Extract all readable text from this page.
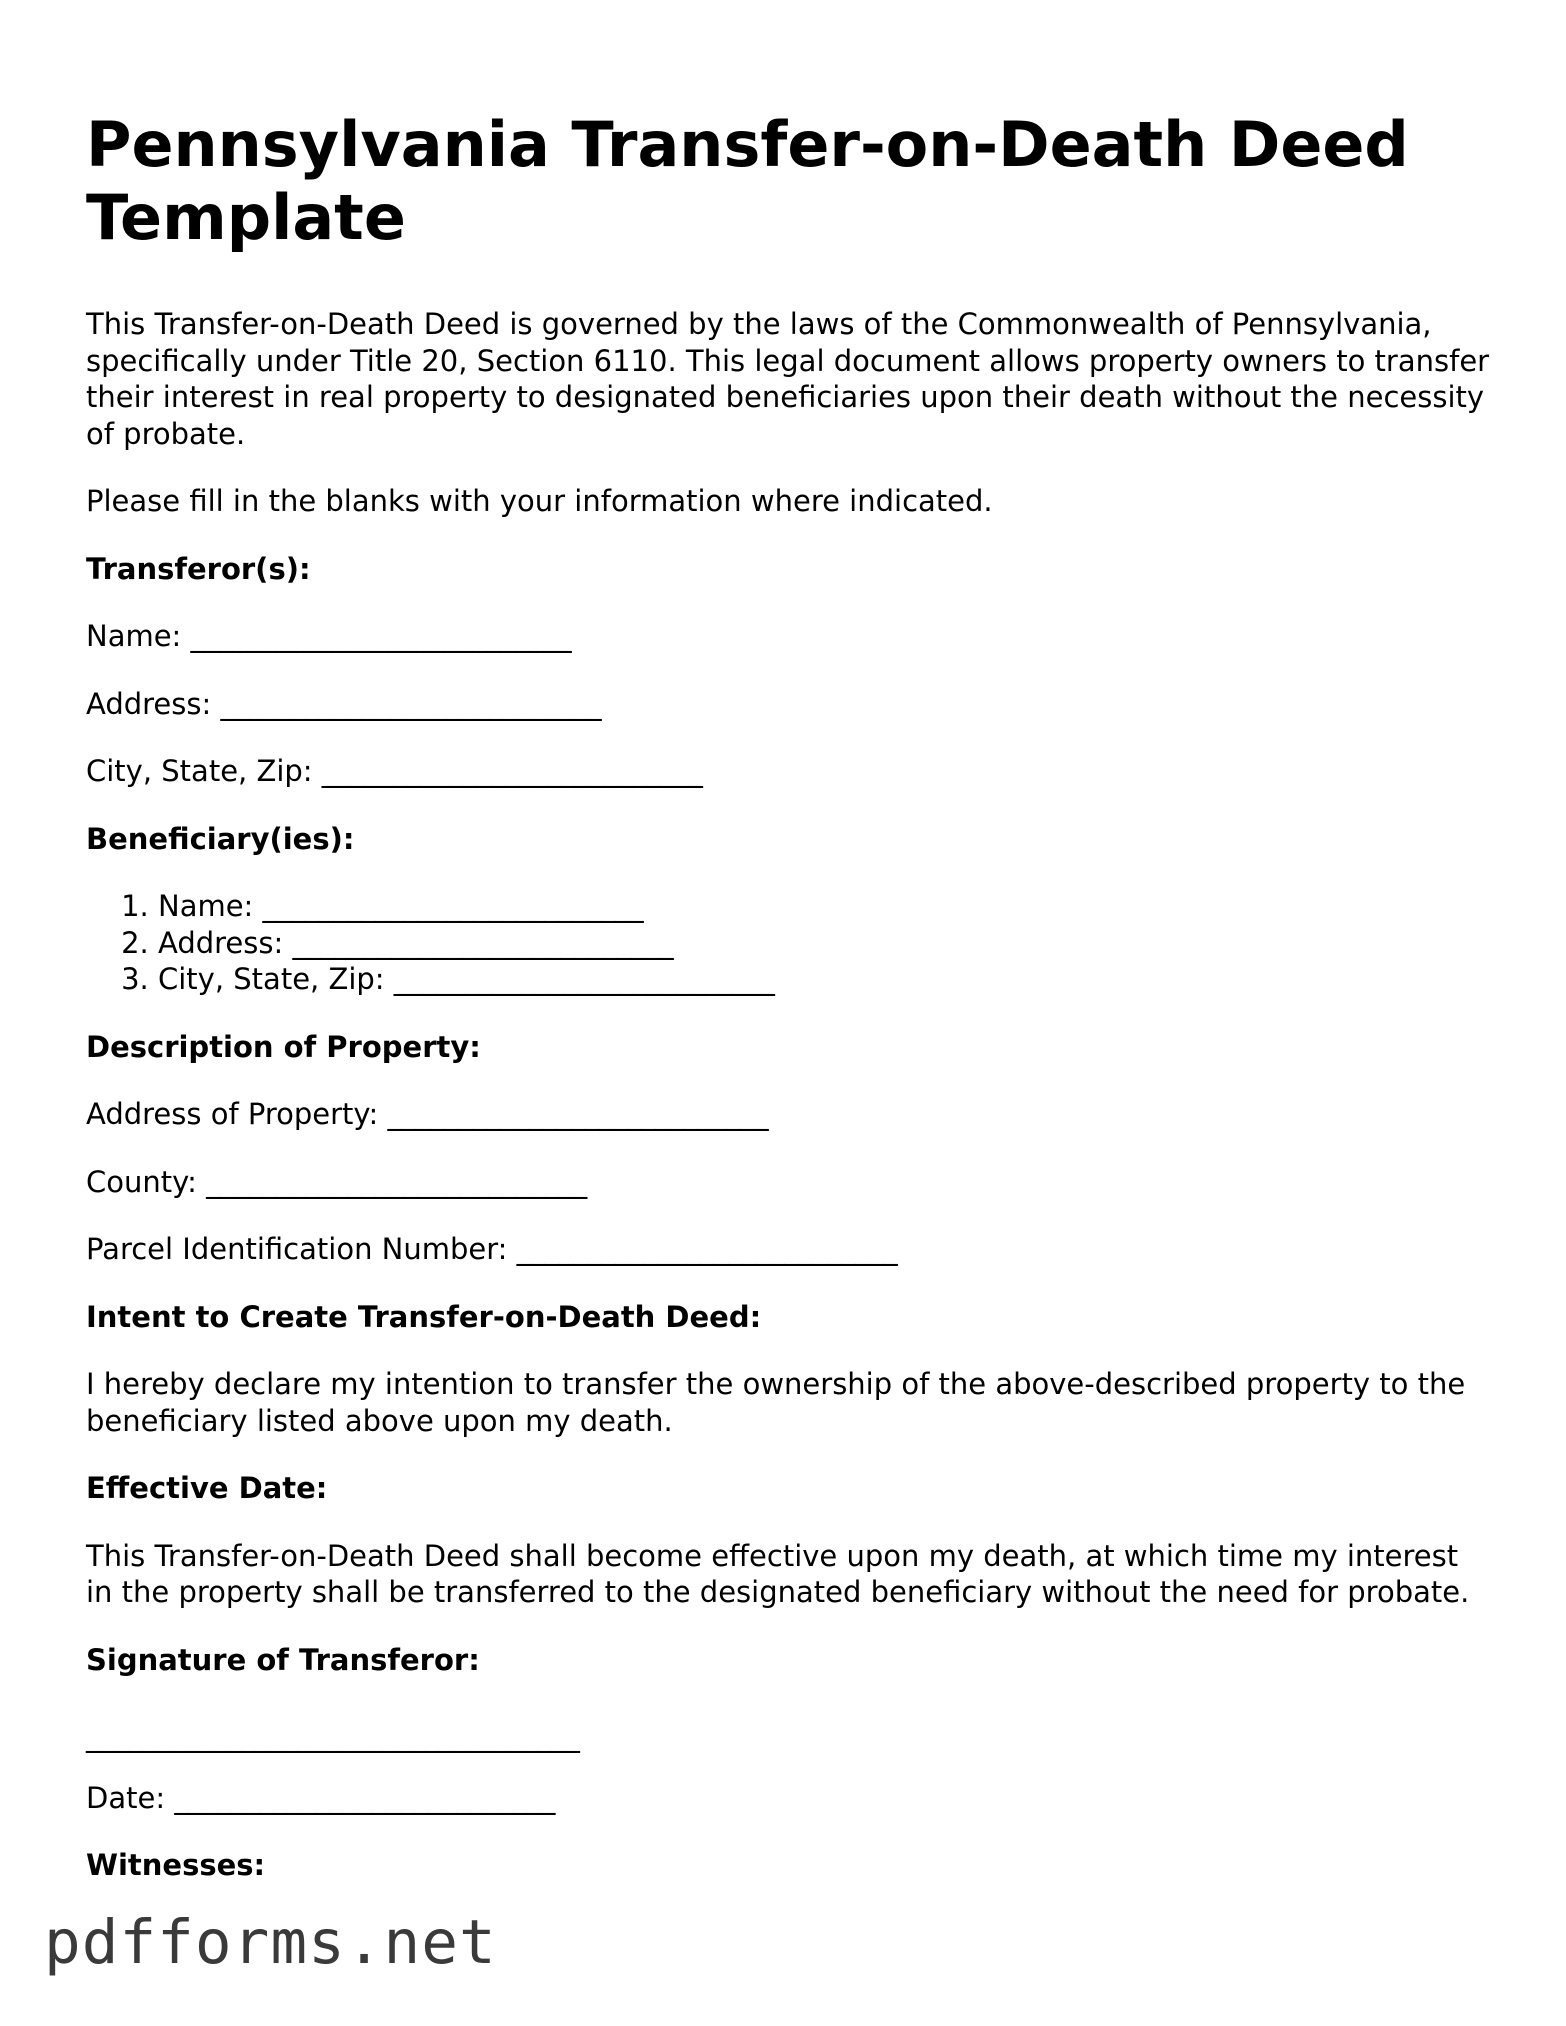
Pennsylvania Transfer-on-Death Deed Template

This Transfer-on-Death Deed is governed by the laws of the Commonwealth of Pennsylvania, specifically under Title 20, Section 6110. This legal document allows property owners to transfer their interest in real property to designated beneficiaries upon their death without the necessity of probate.

Please fill in the blanks with your information where indicated.

Transferor(s):
Name: ___________________________
Address: ___________________________
City, State, Zip: ___________________________
Beneficiary(ies):
1. Name: ___________________________
2. Address: ___________________________
3. City, State, Zip: ___________________________
Description of Property:
Address of Property: ___________________________
County: ___________________________
Parcel Identification Number: ___________________________
Intent to Create Transfer-on-Death Deed:

I hereby declare my intention to transfer the ownership of the above-described property to the beneficiary listed above upon my death.

Effective Date:

This Transfer-on-Death Deed shall become effective upon my death, at which time my interest in the property shall be transferred to the designated beneficiary without the need for probate.

Signature of Transferor:
___________________________________
Date: ___________________________
Witnesses:
pdfforms.net
